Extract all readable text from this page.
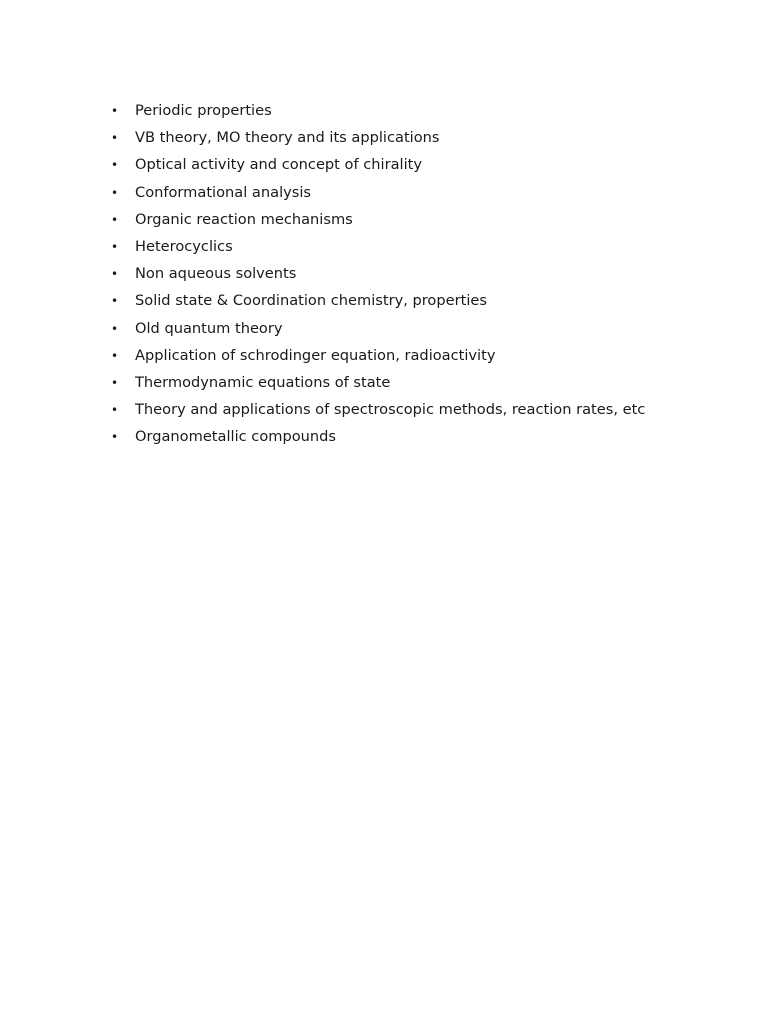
• Periodic properties
• VB theory, MO theory and its applications
• Optical activity and concept of chirality
• Conformational analysis
• Organic reaction mechanisms
• Heterocyclics
• Non aqueous solvents
• Solid state & Coordination chemistry, properties
• Old quantum theory
• Application of schrodinger equation, radioactivity
• Thermodynamic equations of state
• Theory and applications of spectroscopic methods, reaction rates, etc
• Organometallic compounds
